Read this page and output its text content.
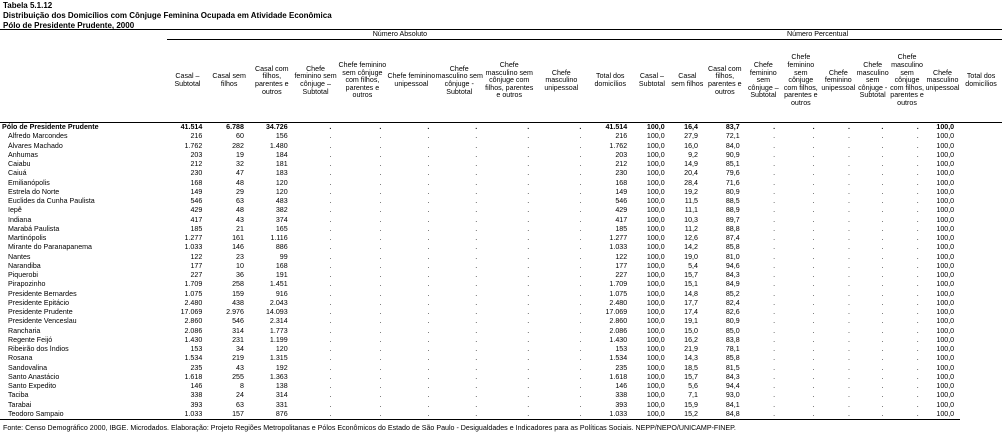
Tabela 5.1.12
Distribuição dos Domicílios com Cônjuge Feminina Ocupada em Atividade Econômica
Pólo de Presidente Prudente, 2000
	Número Absoluto										Número Percentual									
	Casal – Subtotal	Casal sem filhos	Casal com filhos, parentes e outros	Chefe feminino sem cônjuge – Subtotal	Chefe feminino sem cônjuge com filhos, parentes e outros	Chefe feminino unipessoal	Chefe masculino sem cônjuge - Subtotal	Chefe masculino sem cônjuge com filhos, parentes e outros	Chefe masculino unipessoal	Total dos domicílios	Casal – Subtotal	Casal sem filhos	Casal com filhos, parentes e outros	Chefe feminino sem cônjuge – Subtotal	Chefe feminino sem cônjuge com filhos, parentes e outros	Chefe feminino unipessoal	Chefe masculino sem cônjuge - Subtotal	Chefe masculino sem cônjuge com filhos, parentes e outros	Chefe masculino unipessoal	Total dos domicílios
Pólo de Presidente Prudente	41.514	6.788	34.726	.	.	.	.	.	.	41.514	100,0	16,4	83,7	.	.	.	.	.	100,0	
Alfredo Marcondes	216	60	156	.	.	.	.	.	.	216	100,0	27,9	72,1	.	.	.	.	.	100,0	
Álvares Machado	1.762	282	1.480	.	.	.	.	.	.	1.762	100,0	16,0	84,0	.	.	.	.	.	100,0	
Anhumas	203	19	184	.	.	.	.	.	.	203	100,0	9,2	90,9	.	.	.	.	.	100,0	
Caiabu	212	32	181	.	.	.	.	.	.	212	100,0	14,9	85,1	.	.	.	.	.	100,0	
Caiuá	230	47	183	.	.	.	.	.	.	230	100,0	20,4	79,6	.	.	.	.	.	100,0	
Emilianópolis	168	48	120	.	.	.	.	.	.	168	100,0	28,4	71,6	.	.	.	.	.	100,0	
Estrela do Norte	149	29	120	.	.	.	.	.	.	149	100,0	19,2	80,9	.	.	.	.	.	100,0	
Euclides da Cunha Paulista	546	63	483	.	.	.	.	.	.	546	100,0	11,5	88,5	.	.	.	.	.	100,0	
Iepê	429	48	382	.	.	.	.	.	.	429	100,0	11,1	88,9	.	.	.	.	.	100,0	
Indiana	417	43	374	.	.	.	.	.	.	417	100,0	10,3	89,7	.	.	.	.	.	100,0	
Marabá Paulista	185	21	165	.	.	.	.	.	.	185	100,0	11,2	88,8	.	.	.	.	.	100,0	
Martinópolis	1.277	161	1.116	.	.	.	.	.	.	1.277	100,0	12,6	87,4	.	.	.	.	.	100,0	
Mirante do Paranapanema	1.033	146	886	.	.	.	.	.	.	1.033	100,0	14,2	85,8	.	.	.	.	.	100,0	
Nantes	122	23	99	.	.	.	.	.	.	122	100,0	19,0	81,0	.	.	.	.	.	100,0	
Narandiba	177	10	168	.	.	.	.	.	.	177	100,0	5,4	94,6	.	.	.	.	.	100,0	
Piquerobi	227	36	191	.	.	.	.	.	.	227	100,0	15,7	84,3	.	.	.	.	.	100,0	
Pirapozinho	1.709	258	1.451	.	.	.	.	.	.	1.709	100,0	15,1	84,9	.	.	.	.	.	100,0	
Presidente Bernardes	1.075	159	916	.	.	.	.	.	.	1.075	100,0	14,8	85,2	.	.	.	.	.	100,0	
Presidente Epitácio	2.480	438	2.043	.	.	.	.	.	.	2.480	100,0	17,7	82,4	.	.	.	.	.	100,0	
Presidente Prudente	17.069	2.976	14.093	.	.	.	.	.	.	17.069	100,0	17,4	82,6	.	.	.	.	.	100,0	
Presidente Venceslau	2.860	546	2.314	.	.	.	.	.	.	2.860	100,0	19,1	80,9	.	.	.	.	.	100,0	
Rancharia	2.086	314	1.773	.	.	.	.	.	.	2.086	100,0	15,0	85,0	.	.	.	.	.	100,0	
Regente Feijó	1.430	231	1.199	.	.	.	.	.	.	1.430	100,0	16,2	83,8	.	.	.	.	.	100,0	
Ribeirão dos Índios	153	34	120	.	.	.	.	.	.	153	100,0	21,9	78,1	.	.	.	.	.	100,0	
Rosana	1.534	219	1.315	.	.	.	.	.	.	1.534	100,0	14,3	85,8	.	.	.	.	.	100,0	
Sandovalina	235	43	192	.	.	.	.	.	.	235	100,0	18,5	81,5	.	.	.	.	.	100,0	
Santo Anastácio	1.618	255	1.363	.	.	.	.	.	.	1.618	100,0	15,7	84,3	.	.	.	.	.	100,0	
Santo Expedito	146	8	138	.	.	.	.	.	.	146	100,0	5,6	94,4	.	.	.	.	.	100,0	
Taciba	338	24	314	.	.	.	.	.	.	338	100,0	7,1	93,0	.	.	.	.	.	100,0	
Tarabai	393	63	331	.	.	.	.	.	.	393	100,0	15,9	84,1	.	.	.	.	.	100,0	
Teodoro Sampaio	1.033	157	876	.	.	.	.	.	.	1.033	100,0	15,2	84,8	.	.	.	.	.	100,0	
Fonte: Censo Demográfico 2000, IBGE. Microdados. Elaboração: Projeto Regiões Metropolitanas e Pólos Econômicos do Estado de São Paulo - Desigualdades e Indicadores para as Políticas Sociais. NEPP/NEPO/UNICAMP-FINEP.
